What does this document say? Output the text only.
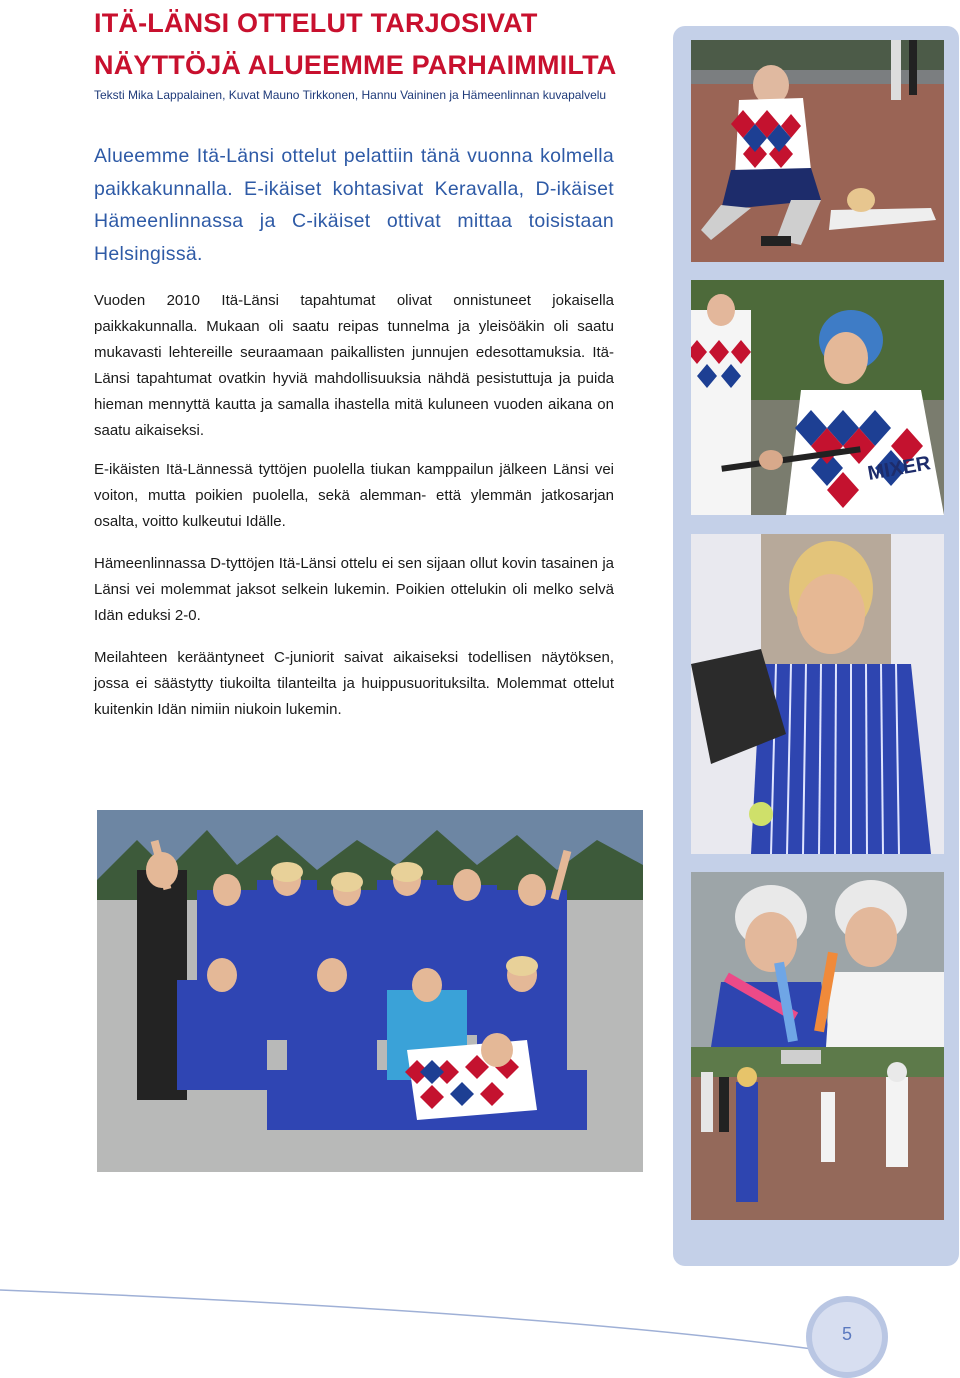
ITÄ-LÄNSI OTTELUT TARJOSIVAT NÄYTTÖJÄ ALUEEMME PARHAIMMILTA
Teksti Mika Lappalainen, Kuvat Mauno Tirkkonen, Hannu Vaininen ja Hämeenlinnan kuvapalvelu

Alueemme Itä-Länsi ottelut pelattiin tänä vuonna kolmella paikkakunnalla. E-ikäiset kohtasivat Keravalla, D-ikäiset Hämeenlinnassa ja C-ikäiset ottivat mittaa toisistaan Helsingissä.

Vuoden 2010 Itä-Länsi tapahtumat olivat onnistuneet jokaisella paikkakunnalla. Mukaan oli saatu reipas tunnelma ja yleisöäkin oli saatu mukavasti lehtereille seuraamaan paikallisten junnujen edesottamuksia. Itä-Länsi tapahtumat ovatkin hyviä mahdollisuuksia nähdä pesistuttuja ja puida hieman mennyttä kautta ja samalla ihastella mitä kuluneen vuoden aikana on saatu aikaiseksi.

E-ikäisten Itä-Lännessä tyttöjen puolella tiukan kamppailun jälkeen Länsi vei voiton, mutta poikien puolella, sekä alemman- että ylemmän jatkosarjan osalta, voitto kulkeutui Idälle.

Hämeenlinnassa D-tyttöjen Itä-Länsi ottelu ei sen sijaan ollut kovin tasainen ja Länsi vei molemmat jaksot selkein lukemin. Poikien ottelukin oli melko selvä Idän eduksi 2-0.

Meilahteen kerääntyneet C-juniorit saivat aikaiseksi todellisen näytöksen, jossa ei säästytty tiukoilta tilanteilta ja huippusuorituksilta. Molemmat ottelut kuitenkin Idän nimiin niukoin lukemin.

MIXER
5
